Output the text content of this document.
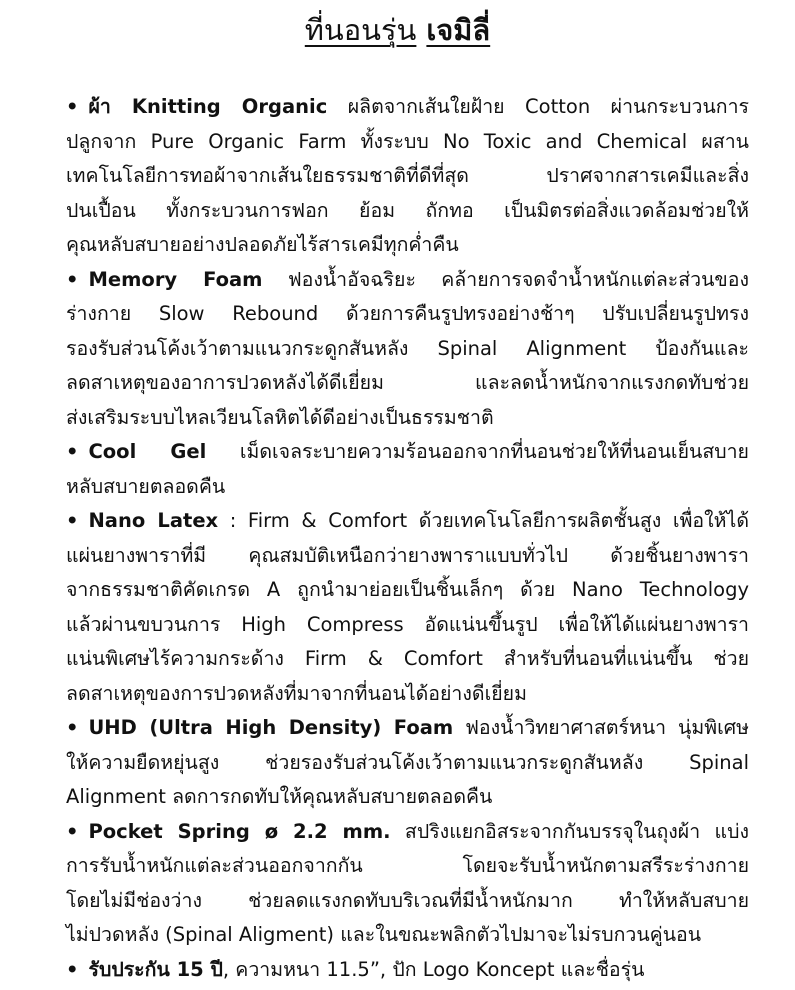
ที่นอนรุ่น เจมิลี่
• ผ้า Knitting Organic ผลิตจากเส้นใยฝ้าย Cotton ผ่านกระบวนการ
ปลูกจาก Pure Organic Farm ทั้งระบบ No Toxic and Chemical ผสาน
เทคโนโลยีการทอผ้าจากเส้นใยธรรมชาติที่ดีที่สุด ปราศจากสารเคมีและสิ่ง
ปนเปื้อน ทั้งกระบวนการฟอก ย้อม ถักทอ เป็นมิตรต่อสิ่งแวดล้อมช่วยให้
คุณหลับสบายอย่างปลอดภัยไร้สารเคมีทุกค่ำคืน
• Memory Foam ฟองน้ำอัจฉริยะ คล้ายการจดจำน้ำหนักแต่ละส่วนของ
ร่างกาย Slow Rebound ด้วยการคืนรูปทรงอย่างช้าๆ ปรับเปลี่ยนรูปทรง
รองรับส่วนโค้งเว้าตามแนวกระดูกสันหลัง Spinal Alignment ป้องกันและ
ลดสาเหตุของอาการปวดหลังได้ดีเยี่ยม และลดน้ำหนักจากแรงกดทับช่วย
ส่งเสริมระบบไหลเวียนโลหิตได้ดีอย่างเป็นธรรมชาติ
• Cool Gel เม็ดเจลระบายความร้อนออกจากที่นอนช่วยให้ที่นอนเย็นสบาย
หลับสบายตลอดคืน
• Nano Latex : Firm & Comfort ด้วยเทคโนโลยีการผลิตชั้นสูง เพื่อให้ได้
แผ่นยางพาราที่มี คุณสมบัติเหนือกว่ายางพาราแบบทั่วไป ด้วยชิ้นยางพารา
จากธรรมชาติคัดเกรด A ถูกนำมาย่อยเป็นชิ้นเล็กๆ ด้วย Nano Technology
แล้วผ่านขบวนการ High Compress อัดแน่นขึ้นรูป เพื่อให้ได้แผ่นยางพารา
แน่นพิเศษไร้ความกระด้าง Firm & Comfort สำหรับที่นอนที่แน่นขึ้น ช่วย
ลดสาเหตุของการปวดหลังที่มาจากที่นอนได้อย่างดีเยี่ยม
• UHD (Ultra High Density) Foam ฟองน้ำวิทยาศาสตร์หนา นุ่มพิเศษ
ให้ความยืดหยุ่นสูง ช่วยรองรับส่วนโค้งเว้าตามแนวกระดูกสันหลัง Spinal
Alignment ลดการกดทับให้คุณหลับสบายตลอดคืน
• Pocket Spring ø 2.2 mm. สปริงแยกอิสระจากกันบรรจุในถุงผ้า แบ่ง
การรับน้ำหนักแต่ละส่วนออกจากกัน โดยจะรับน้ำหนักตามสรีระร่างกาย
โดยไม่มีช่องว่าง ช่วยลดแรงกดทับบริเวณที่มีน้ำหนักมาก ทำให้หลับสบาย
ไม่ปวดหลัง (Spinal Aligment) และในขณะพลิกตัวไปมาจะไม่รบกวนคู่นอน
• รับประกัน 15 ปี, ความหนา 11.5”, ปัก Logo Koncept และชื่อรุ่น
